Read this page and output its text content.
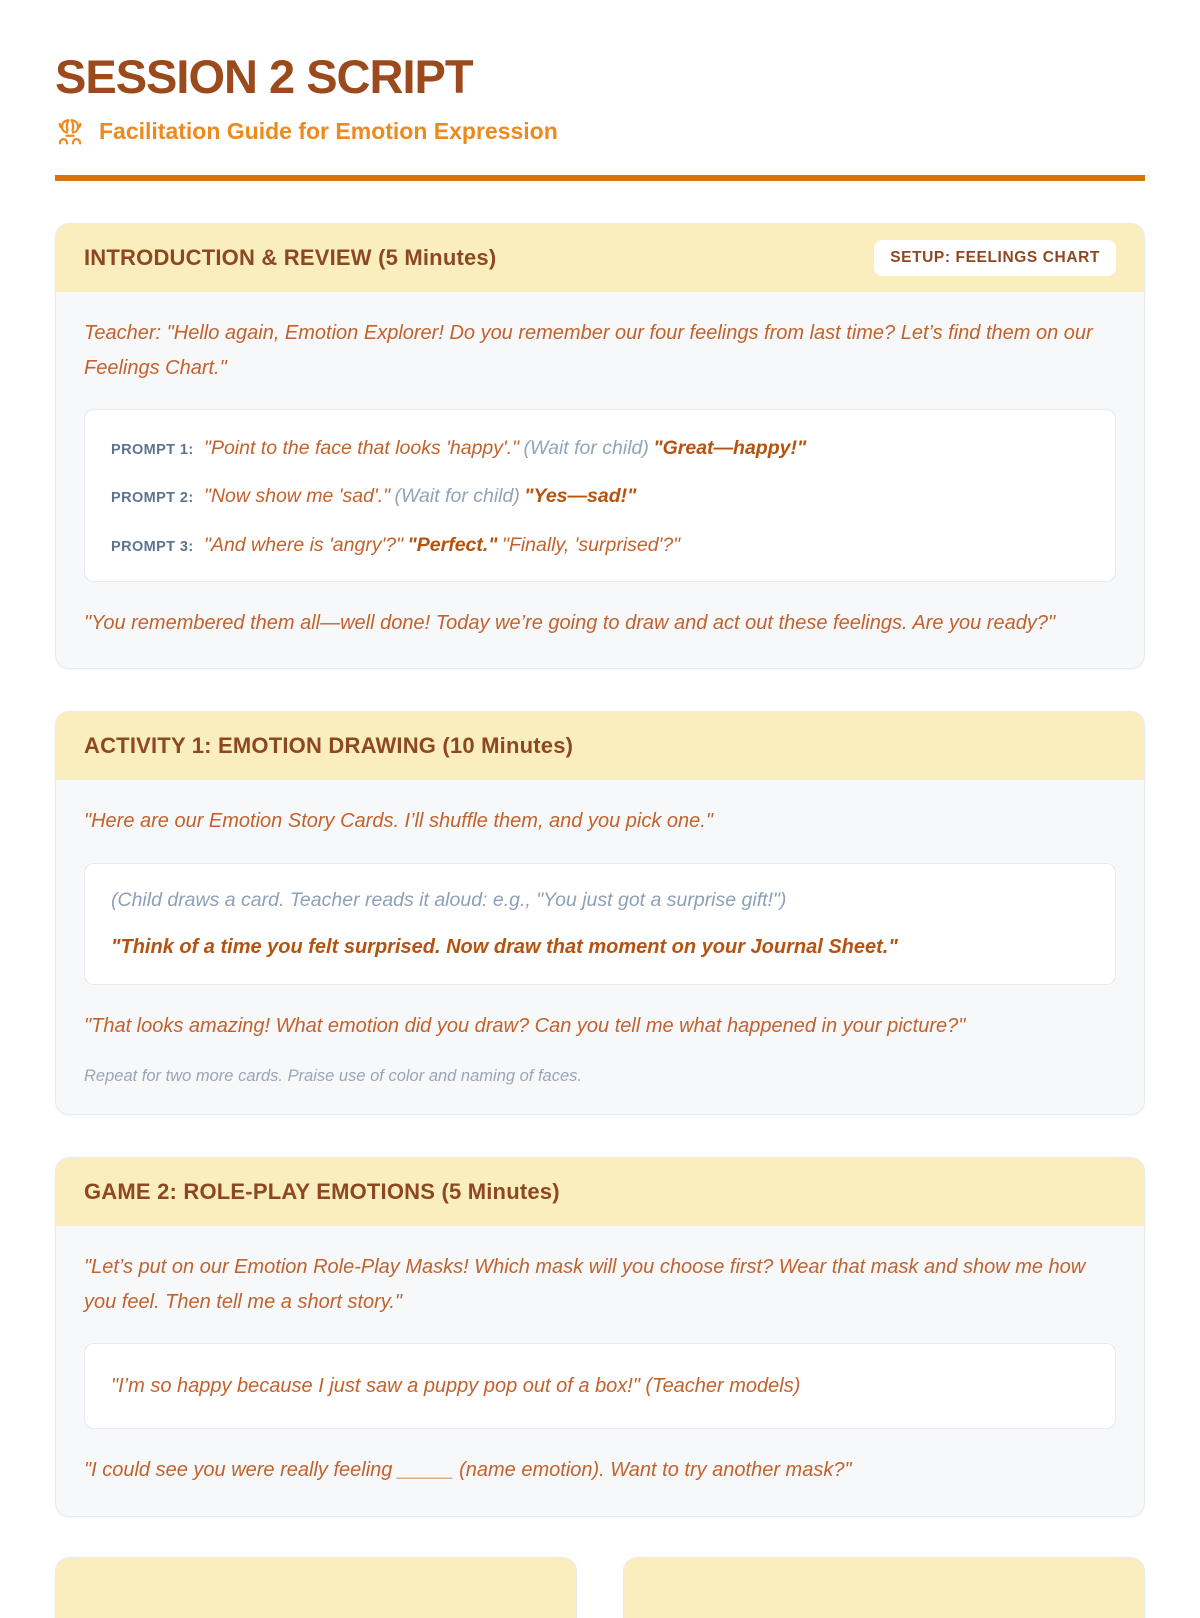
SESSION 2 SCRIPT
Facilitation Guide for Emotion Expression
INTRODUCTION & REVIEW (5 Minutes)	SETUP: FEELINGS CHART

Teacher: "Hello again, Emotion Explorer! Do you remember our four feelings from last time? Let’s find them on our Feelings Chart."

PROMPT 1: "Point to the face that looks 'happy'." (Wait for child) "Great—happy!"
PROMPT 2: "Now show me 'sad'." (Wait for child) "Yes—sad!"
PROMPT 3: "And where is 'angry'?" "Perfect." "Finally, 'surprised'?"

"You remembered them all—well done! Today we’re going to draw and act out these feelings. Are you ready?"

ACTIVITY 1: EMOTION DRAWING (10 Minutes)

"Here are our Emotion Story Cards. I’ll shuffle them, and you pick one."

(Child draws a card. Teacher reads it aloud: e.g., "You just got a surprise gift!")

"Think of a time you felt surprised. Now draw that moment on your Journal Sheet."

"That looks amazing! What emotion did you draw? Can you tell me what happened in your picture?"

Repeat for two more cards. Praise use of color and naming of faces.

GAME 2: ROLE-PLAY EMOTIONS (5 Minutes)

"Let’s put on our Emotion Role-Play Masks! Which mask will you choose first? Wear that mask and show me how you feel. Then tell me a short story."

"I’m so happy because I just saw a puppy pop out of a box!" (Teacher models)

"I could see you were really feeling _____ (name emotion). Want to try another mask?"
